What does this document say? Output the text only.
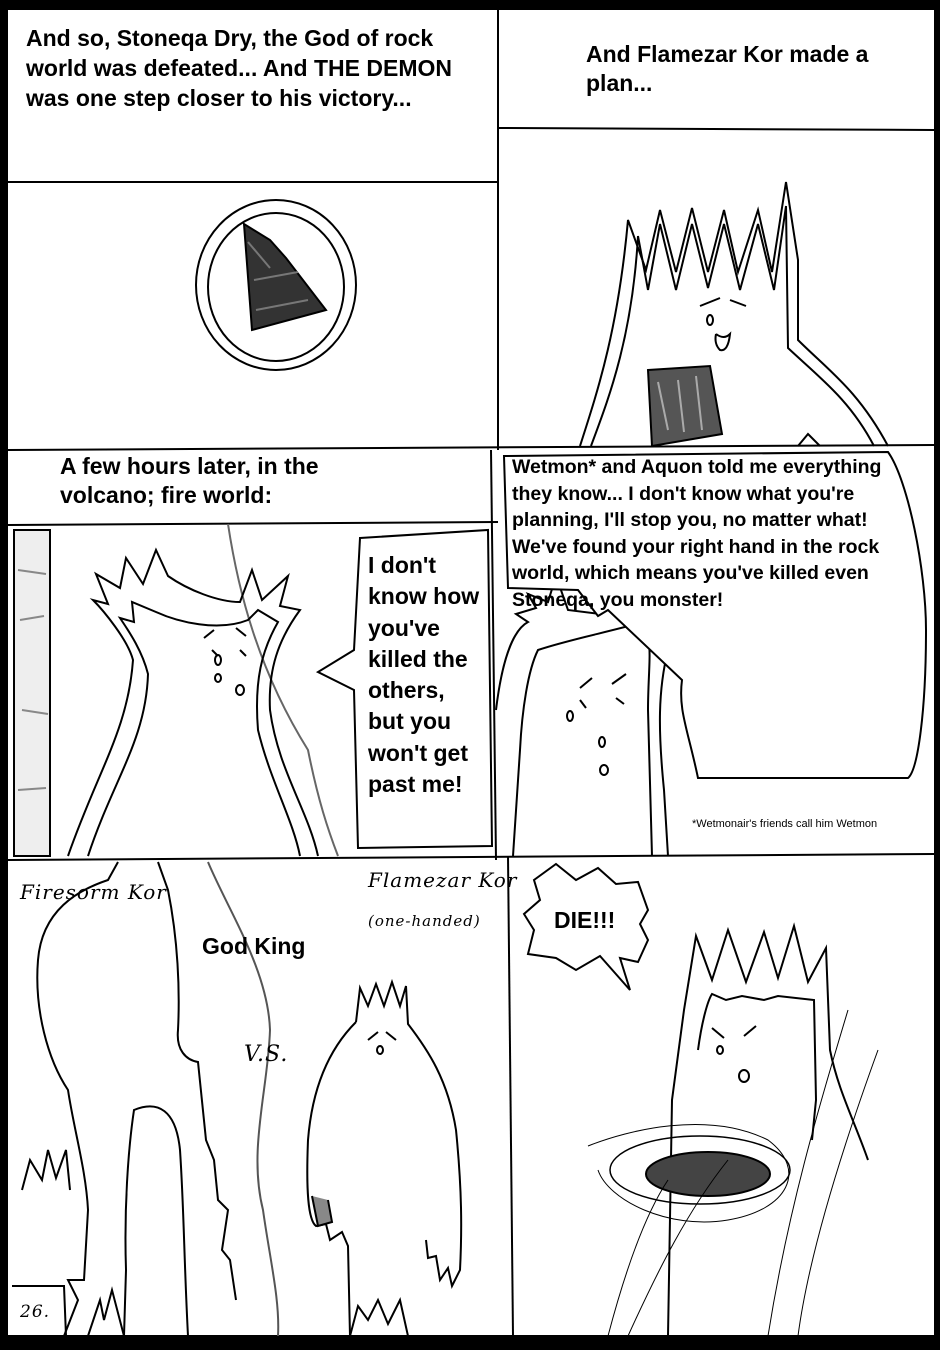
And so, Stoneqa Dry, the God of rock world was defeated... And THE DEMON was one step closer to his victory...
And Flamezar Kor made a plan...
A few hours later, in the volcano; fire world:
I don't know how you've killed the others, but you won't get past me!
Wetmon* and Aquon told me everything they know... I don't know what you're planning, I'll stop you, no matter what! We've found your right hand in the rock world, which means you've killed even Stoneqa, you monster!
*Wetmonair's friends call him Wetmon
Firesorm Kor	Flamezar Kor
(one-handed)
God King
V.S.
26.
DIE!!!
